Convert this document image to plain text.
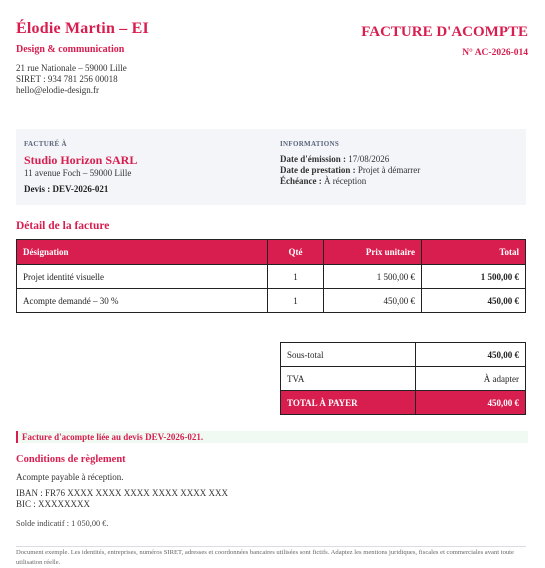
Élodie Martin – EI
Design & communication
21 rue Nationale – 59000 Lille
SIRET : 934 781 256 00018
hello@elodie-design.fr
FACTURE D'ACOMPTE
N° AC-2026-014
FACTURÉ À
Studio Horizon SARL
11 avenue Foch – 59000 Lille
Devis : DEV-2026-021
INFORMATIONS
Date d'émission : 17/08/2026
Date de prestation : Projet à démarrer
Échéance : À réception
Détail de la facture
Désignation	Qté	Prix unitaire	Total
Projet identité visuelle	1	1 500,00 €	1 500,00 €
Acompte demandé – 30 %	1	450,00 €	450,00 €
Sous-total	450,00 €
TVA	À adapter
TOTAL À PAYER	450,00 €
Facture d'acompte liée au devis DEV-2026-021.
Conditions de règlement
Acompte payable à réception.
IBAN : FR76 XXXX XXXX XXXX XXXX XXXX XXX
BIC : XXXXXXXX
Solde indicatif : 1 050,00 €.
Document exemple. Les identités, entreprises, numéros SIRET, adresses et coordonnées bancaires utilisées sont fictifs. Adaptez les mentions juridiques, fiscales et commerciales avant toute utilisation réelle.
